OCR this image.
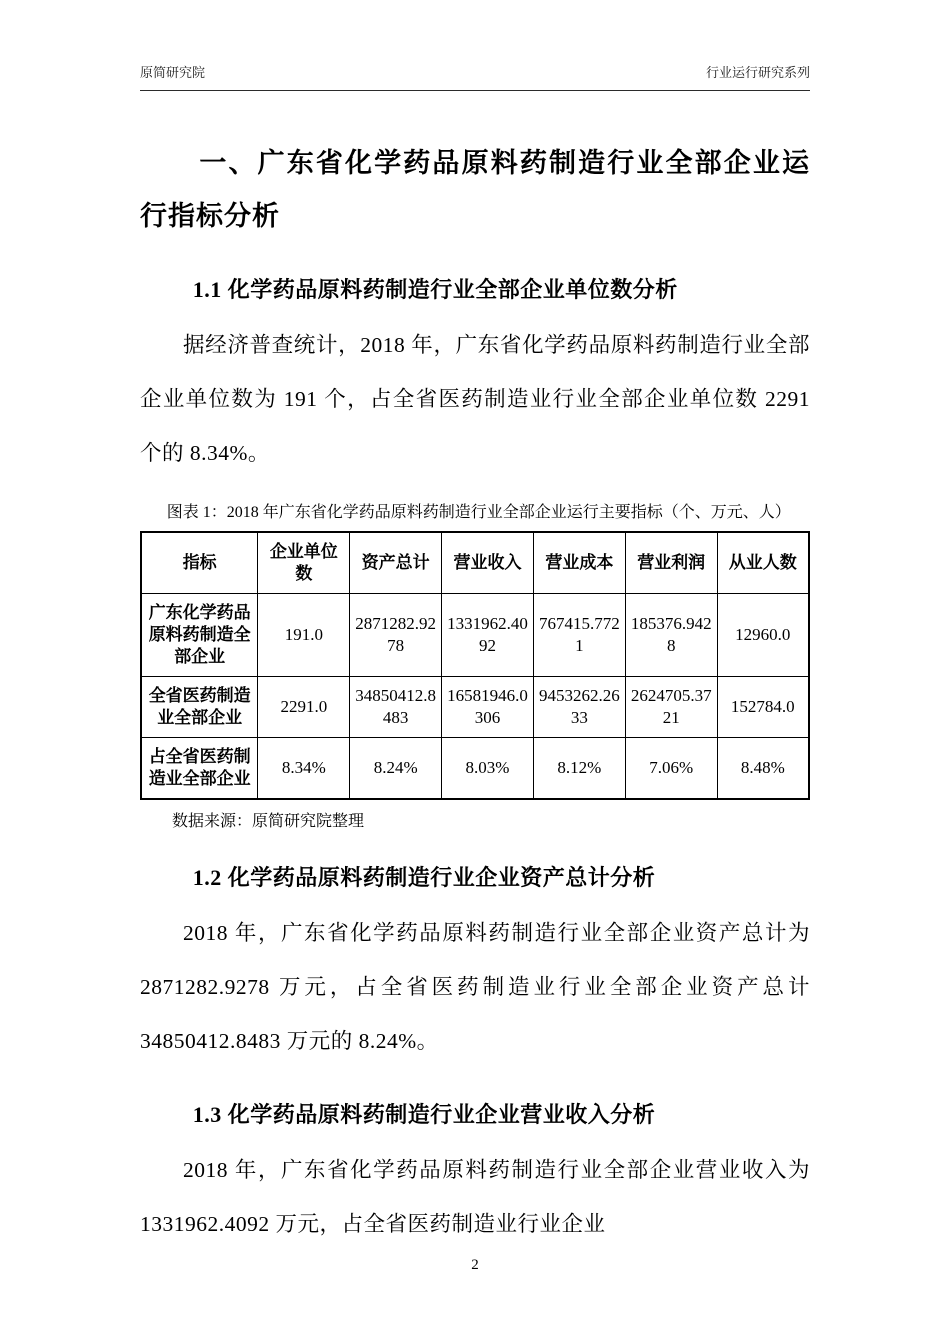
原简研究院	行业运行研究系列
一、广东省化学药品原料药制造行业全部企业运行指标分析
1.1 化学药品原料药制造行业全部企业单位数分析

据经济普查统计，2018 年，广东省化学药品原料药制造行业全部企业单位数为 191 个，占全省医药制造业行业全部企业单位数 2291 个的 8.34%。

图表 1：2018 年广东省化学药品原料药制造行业全部企业运行主要指标（个、万元、人）
指标	企业单位数	资产总计	营业收入	营业成本	营业利润	从业人数
广东化学药品原料药制造全部企业	191.0	2871282.9278	1331962.4092	767415.7721	185376.9428	12960.0
全省医药制造业全部企业	2291.0	34850412.8483	16581946.0306	9453262.2633	2624705.3721	152784.0
占全省医药制造业全部企业	8.34%	8.24%	8.03%	8.12%	7.06%	8.48%
数据来源：原简研究院整理
1.2 化学药品原料药制造行业企业资产总计分析

2018 年，广东省化学药品原料药制造行业全部企业资产总计为 2871282.9278 万元，占全省医药制造业行业全部企业资产总计 34850412.8483 万元的 8.24%。

1.3 化学药品原料药制造行业企业营业收入分析

2018 年，广东省化学药品原料药制造行业全部企业营业收入为 1331962.4092 万元，占全省医药制造业行业企业

2
